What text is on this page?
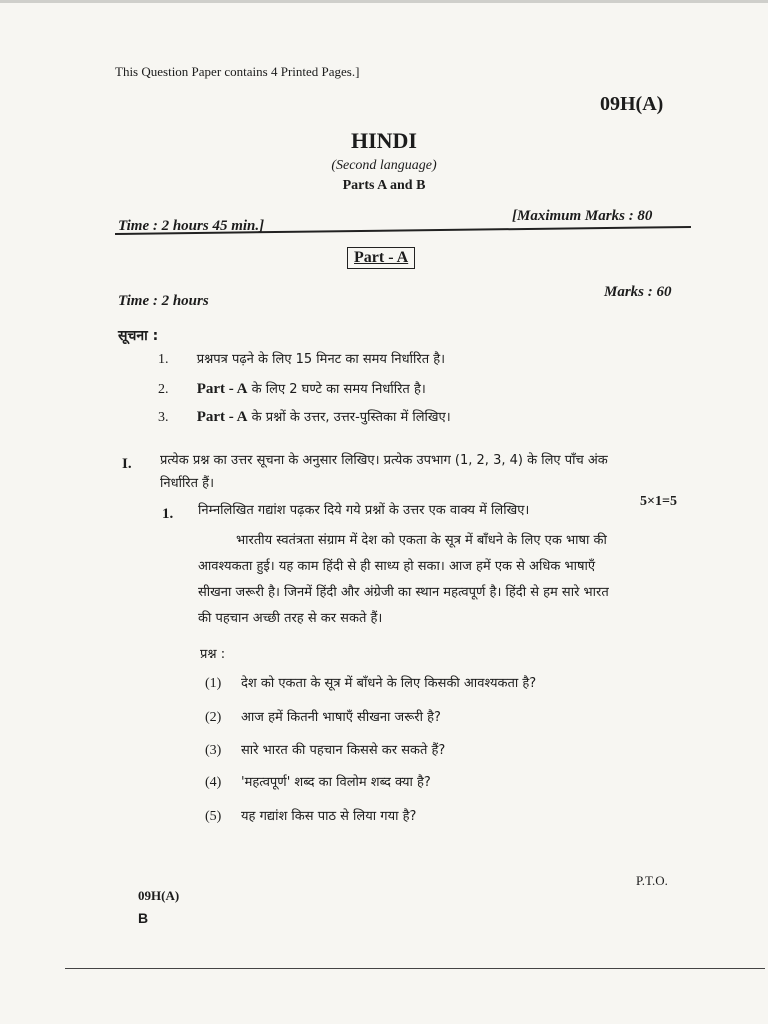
This Question Paper contains 4 Printed Pages.]
09H(A)
HINDI
(Second language)
Parts A and B
Time : 2 hours 45 min.]
[Maximum Marks : 80
Part - A
Time : 2 hours
Marks : 60
सूचना :
1. प्रश्नपत्र पढ़ने के लिए 15 मिनट का समय निर्धारित है।
2. Part - A के लिए 2 घण्टे का समय निर्धारित है।
3. Part - A के प्रश्नों के उत्तर, उत्तर-पुस्तिका में लिखिए।
I. प्रत्येक प्रश्न का उत्तर सूचना के अनुसार लिखिए। प्रत्येक उपभाग (1, 2, 3, 4) के लिए पाँच अंक
निर्धारित हैं।
1. निम्नलिखित गद्यांश पढ़कर दिये गये प्रश्नों के उत्तर एक वाक्य में लिखिए।
5×1=5
भारतीय स्वतंत्रता संग्राम में देश को एकता के सूत्र में बाँधने के लिए एक भाषा की
आवश्यकता हुई। यह काम हिंदी से ही साध्य हो सका। आज हमें एक से अधिक भाषाएँ
सीखना जरूरी है। जिनमें हिंदी और अंग्रेजी का स्थान महत्वपूर्ण है। हिंदी से हम सारे भारत
की पहचान अच्छी तरह से कर सकते हैं।
प्रश्न :
(1) देश को एकता के सूत्र में बाँधने के लिए किसकी आवश्यकता है?
(2) आज हमें कितनी भाषाएँ सीखना जरूरी है?
(3) सारे भारत की पहचान किससे कर सकते हैं?
(4) 'महत्वपूर्ण' शब्द का विलोम शब्द क्या है?
(5) यह गद्यांश किस पाठ से लिया गया है?
P.T.O.
09H(A)
B
